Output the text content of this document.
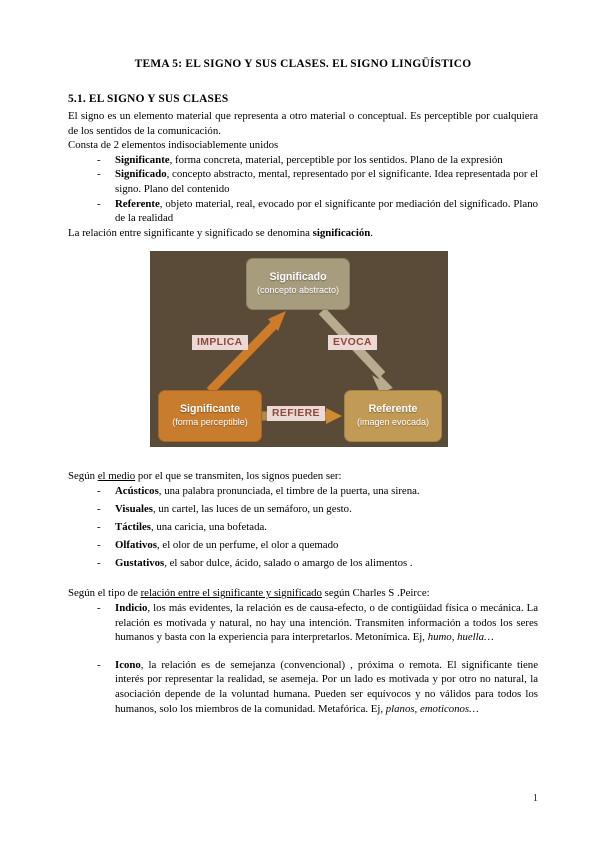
TEMA 5: EL SIGNO Y SUS CLASES. EL SIGNO LINGÜÍSTICO
5.1. EL SIGNO Y SUS CLASES

El signo es un elemento material que representa a otro material o conceptual. Es perceptible por cualquiera de los sentidos de la comunicación.

Consta de 2 elementos indisociablemente unidos

- Significante, forma concreta, material, perceptible por los sentidos. Plano de la expresión
- Significado, concepto abstracto, mental, representado por el significante. Idea representada por el signo. Plano del contenido
- Referente, objeto material, real, evocado por el significante por mediación del significado. Plano de la realidad

La relación entre significante y significado se denomina significación.

Significado
(concepto abstracto)
Significante
(forma perceptible)
Referente
(imagen evocada)
IMPLICA	EVOCA
REFIERE

Según el medio por el que se transmiten, los signos pueden ser:

- Acústicos, una palabra pronunciada, el timbre de la puerta, una sirena.
- Visuales, un cartel, las luces de un semáforo, un gesto.
- Táctiles, una caricia, una bofetada.
- Olfativos, el olor de un perfume, el olor a quemado
- Gustativos, el sabor dulce, ácido, salado o amargo de los alimentos .

Según el tipo de relación entre el significante y significado según Charles S .Peirce:

- Indicio, los más evidentes, la relación es de causa-efecto, o de contigüidad física o mecánica. La relación es motivada y natural, no hay una intención. Transmiten información a todos los seres humanos y basta con la experiencia para interpretarlos. Metonímica. Ej, humo, huella…
- Icono, la relación es de semejanza (convencional) , próxima o remota. El significante tiene interés por representar la realidad, se asemeja. Por un lado es motivada y por otro no natural, la asociación depende de la voluntad humana. Pueden ser equívocos y no válidos para todos los humanos, solo los miembros de la comunidad. Metafórica. Ej, planos, emoticonos…
1
